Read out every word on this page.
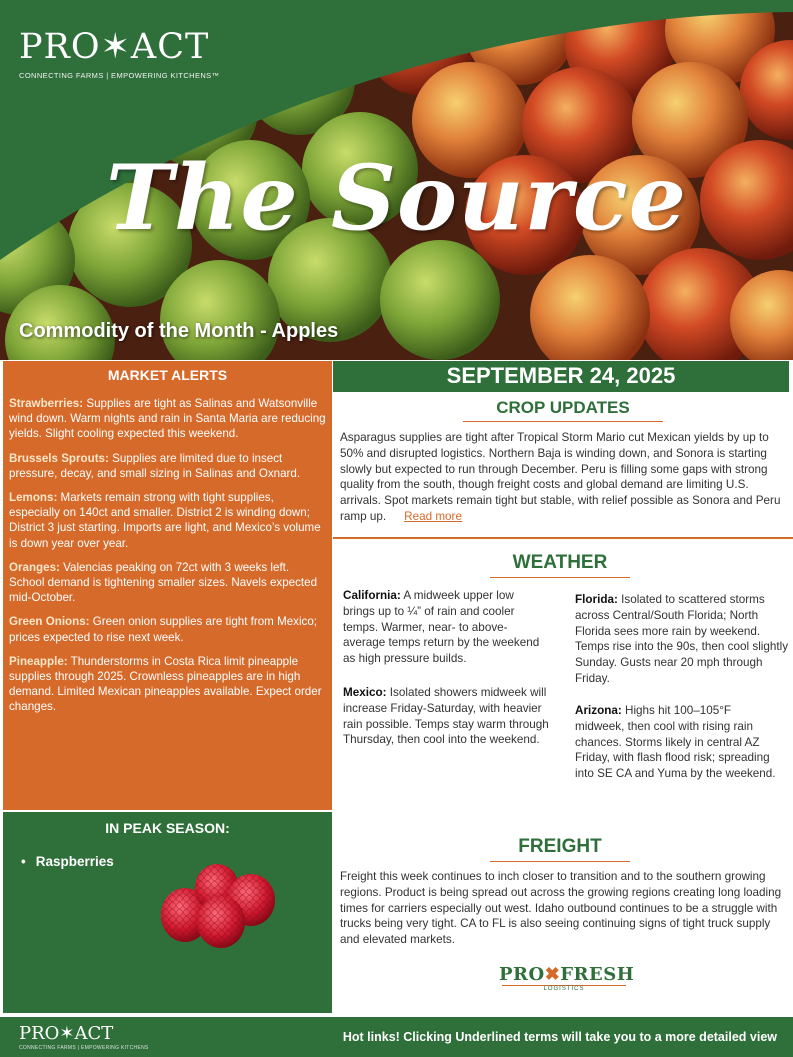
PRO✶ACT
CONNECTING FARMS | EMPOWERING KITCHENS™
The Source
Commodity of the Month - Apples
MARKET ALERTS
Strawberries: Supplies are tight as Salinas and Watsonville wind down. Warm nights and rain in Santa Maria are reducing yields. Slight cooling expected this weekend.
Brussels Sprouts: Supplies are limited due to insect pressure, decay, and small sizing in Salinas and Oxnard.
Lemons: Markets remain strong with tight supplies, especially on 140ct and smaller. District 2 is winding down; District 3 just starting. Imports are light, and Mexico’s volume is down year over year.
Oranges: Valencias peaking on 72ct with 3 weeks left. School demand is tightening smaller sizes. Navels expected mid-October.
Green Onions: Green onion supplies are tight from Mexico; prices expected to rise next week.
Pineapple: Thunderstorms in Costa Rica limit pineapple supplies through 2025. Crownless pineapples are in high demand. Limited Mexican pineapples available. Expect order changes.
IN PEAK SEASON:
• Raspberries
SEPTEMBER 24, 2025
CROP UPDATES
Asparagus supplies are tight after Tropical Storm Mario cut Mexican yields by up to 50% and disrupted logistics. Northern Baja is winding down, and Sonora is starting slowly but expected to run through December. Peru is filling some gaps with strong quality from the south, though freight costs and global demand are limiting U.S. arrivals. Spot markets remain tight but stable, with relief possible as Sonora and Peru ramp up. Read more
WEATHER
California: A midweek upper low brings up to ¼” of rain and cooler temps. Warmer, near- to above-average temps return by the weekend as high pressure builds.
Mexico: Isolated showers midweek will increase Friday-Saturday, with heavier rain possible. Temps stay warm through Thursday, then cool into the weekend.
Florida: Isolated to scattered storms across Central/South Florida; North Florida sees more rain by weekend. Temps rise into the 90s, then cool slightly Sunday. Gusts near 20 mph through Friday.
Arizona: Highs hit 100–105°F midweek, then cool with rising rain chances. Storms likely in central AZ Friday, with flash flood risk; spreading into SE CA and Yuma by the weekend.
FREIGHT
Freight this week continues to inch closer to transition and to the southern growing regions. Product is being spread out across the growing regions creating long loading times for carriers especially out west. Idaho outbound continues to be a struggle with trucks being very tight. CA to FL is also seeing continuing signs of tight truck supply and elevated markets.
PRO✖FRESH
LOGISTICS
PRO✶ACT
CONNECTING FARMS | EMPOWERING KITCHENS
Hot links! Clicking Underlined terms will take you to a more detailed view
